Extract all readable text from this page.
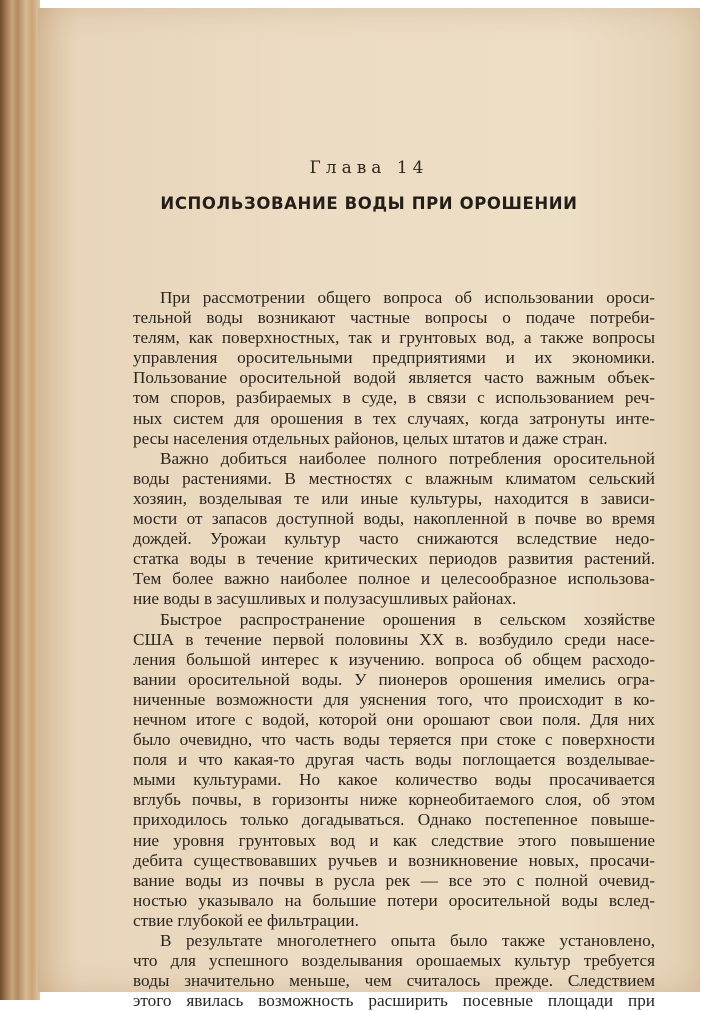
Глава 14
ИСПОЛЬЗОВАНИЕ ВОДЫ ПРИ ОРОШЕНИИ
При рассмотрении общего вопроса об использовании ороси-
тельной воды возникают частные вопросы о подаче потреби-
телям, как поверхностных, так и грунтовых вод, а также вопросы
управления оросительными предприятиями и их экономики.
Пользование оросительной водой является часто важным объек-
том споров, разбираемых в суде, в связи с использованием реч-
ных систем для орошения в тех случаях, когда затронуты инте-
ресы населения отдельных районов, целых штатов и даже стран.
Важно добиться наиболее полного потребления оросительной
воды растениями. В местностях с влажным климатом сельский
хозяин, возделывая те или иные культуры, находится в зависи-
мости от запасов доступной воды, накопленной в почве во время
дождей. Урожаи культур часто снижаются вследствие недо-
статка воды в течение критических периодов развития растений.
Тем более важно наиболее полное и целесообразное использова-
ние воды в засушливых и полузасушливых районах.
Быстрое распространение орошения в сельском хозяйстве
США в течение первой половины XX в. возбудило среди насе-
ления большой интерес к изучению. вопроса об общем расходо-
вании оросительной воды. У пионеров орошения имелись огра-
ниченные возможности для уяснения того, что происходит в ко-
нечном итоге с водой, которой они орошают свои поля. Для них
было очевидно, что часть воды теряется при стоке с поверхности
поля и что какая-то другая часть воды поглощается возделывае-
мыми культурами. Но какое количество воды просачивается
вглубь почвы, в горизонты ниже корнеобитаемого слоя, об этом
приходилось только догадываться. Однако постепенное повыше-
ние уровня грунтовых вод и как следствие этого повышение
дебита существовавших ручьев и возникновение новых, просачи-
вание воды из почвы в русла рек — все это с полной очевид-
ностью указывало на большие потери оросительной воды вслед-
ствие глубокой ее фильтрации.
В результате многолетнего опыта было также установлено,
что для успешного возделывания орошаемых культур требуется
воды значительно меньше, чем считалось прежде. Следствием
этого явилась возможность расширить посевные площади при
